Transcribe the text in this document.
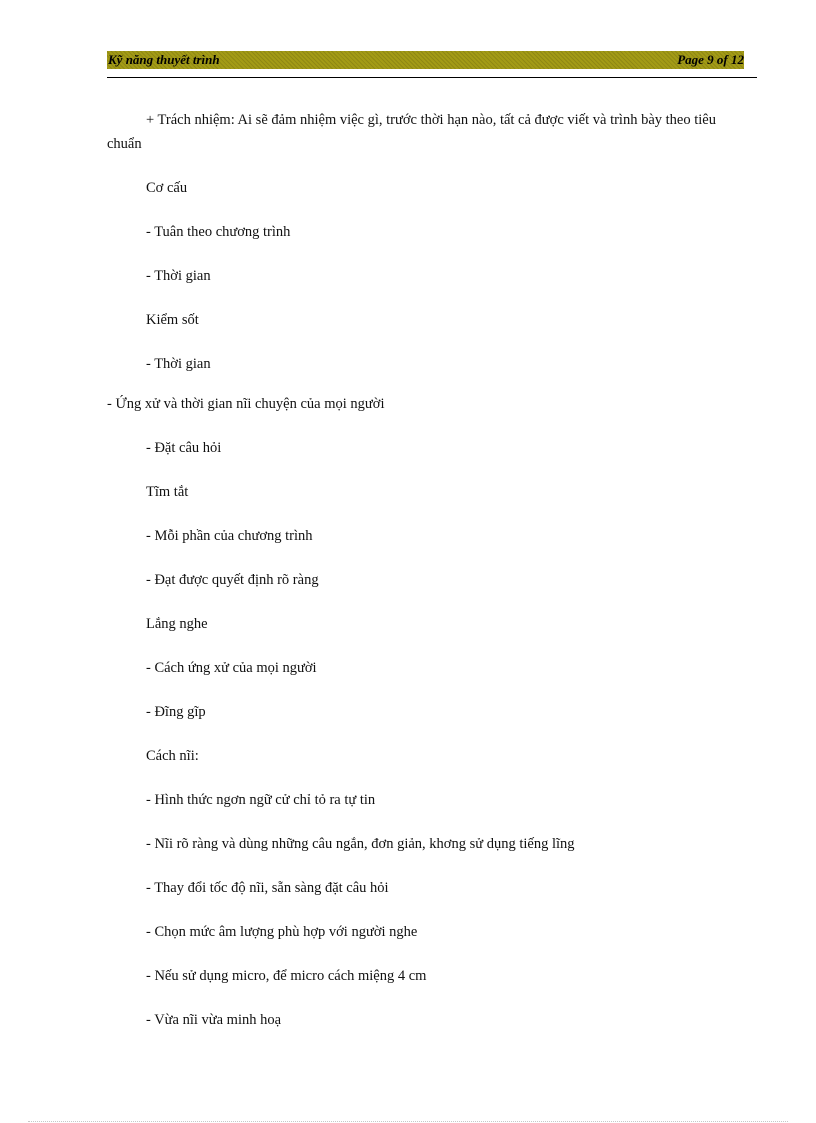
Kỹ năng thuyết trình	Page 9 of 12

+ Trách nhiệm: Ai sẽ đảm nhiệm việc gì, trước thời hạn nào, tất cả được viết và trình bày theo tiêu chuẩn

Cơ cấu

- Tuân theo chương trình

- Thời gian

Kiểm sốt

- Thời gian

- Ứng xử và thời gian nĩi chuyện của mọi người

- Đặt câu hỏi

Tĩm tắt

- Mỗi phần của chương trình

- Đạt được quyết định rõ ràng

Lắng nghe

- Cách ứng xử của mọi người

- Đĩng gĩp

Cách nĩi:

- Hình thức ngơn ngữ cử chỉ tỏ ra tự tin

- Nĩi rõ ràng và dùng những câu ngắn, đơn giản, khơng sử dụng tiếng lĩng

- Thay đổi tốc độ nĩi, sẵn sàng đặt câu hỏi

- Chọn mức âm lượng phù hợp với người nghe

- Nếu sử dụng micro, để micro cách miệng 4 cm

- Vừa nĩi vừa minh hoạ
